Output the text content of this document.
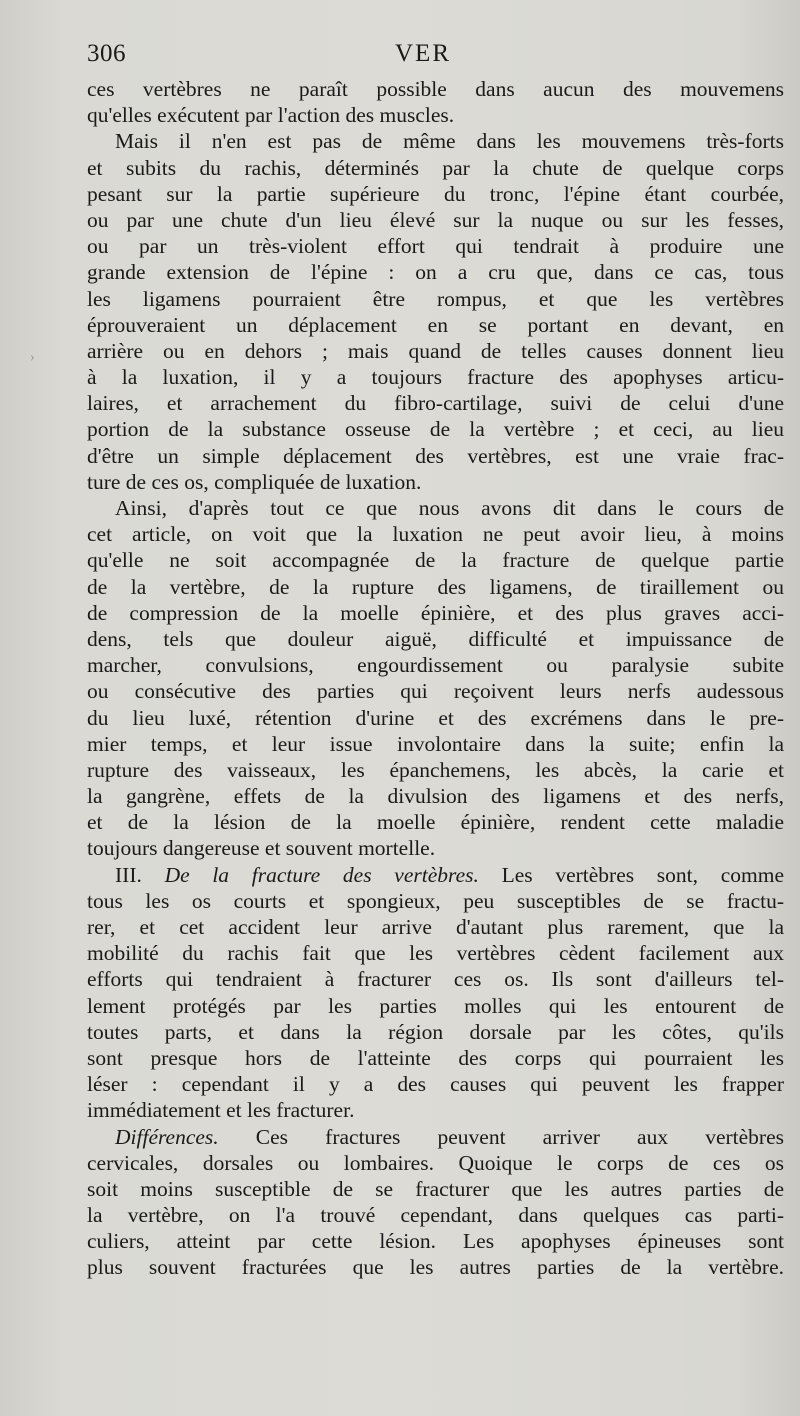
306	VER
›
ces vertèbres ne paraît possible dans aucun des mouvemens
qu'elles exécutent par l'action des muscles.
Mais il n'en est pas de même dans les mouvemens très-forts
et subits du rachis, déterminés par la chute de quelque corps
pesant sur la partie supérieure du tronc, l'épine étant courbée,
ou par une chute d'un lieu élevé sur la nuque ou sur les fesses,
ou par un très-violent effort qui tendrait à produire une
grande extension de l'épine : on a cru que, dans ce cas, tous
les ligamens pourraient être rompus, et que les vertèbres
éprouveraient un déplacement en se portant en devant, en
arrière ou en dehors ; mais quand de telles causes donnent lieu
à la luxation, il y a toujours fracture des apophyses articu-
laires, et arrachement du fibro-cartilage, suivi de celui d'une
portion de la substance osseuse de la vertèbre ; et ceci, au lieu
d'être un simple déplacement des vertèbres, est une vraie frac-
ture de ces os, compliquée de luxation.
Ainsi, d'après tout ce que nous avons dit dans le cours de
cet article, on voit que la luxation ne peut avoir lieu, à moins
qu'elle ne soit accompagnée de la fracture de quelque partie
de la vertèbre, de la rupture des ligamens, de tiraillement ou
de compression de la moelle épinière, et des plus graves acci-
dens, tels que douleur aiguë, difficulté et impuissance de
marcher, convulsions, engourdissement ou paralysie subite
ou consécutive des parties qui reçoivent leurs nerfs audessous
du lieu luxé, rétention d'urine et des excrémens dans le pre-
mier temps, et leur issue involontaire dans la suite; enfin la
rupture des vaisseaux, les épanchemens, les abcès, la carie et
la gangrène, effets de la divulsion des ligamens et des nerfs,
et de la lésion de la moelle épinière, rendent cette maladie
toujours dangereuse et souvent mortelle.
III. De la fracture des vertèbres. Les vertèbres sont, comme
tous les os courts et spongieux, peu susceptibles de se fractu-
rer, et cet accident leur arrive d'autant plus rarement, que la
mobilité du rachis fait que les vertèbres cèdent facilement aux
efforts qui tendraient à fracturer ces os. Ils sont d'ailleurs tel-
lement protégés par les parties molles qui les entourent de
toutes parts, et dans la région dorsale par les côtes, qu'ils
sont presque hors de l'atteinte des corps qui pourraient les
léser : cependant il y a des causes qui peuvent les frapper
immédiatement et les fracturer.
Différences. Ces fractures peuvent arriver aux vertèbres
cervicales, dorsales ou lombaires. Quoique le corps de ces os
soit moins susceptible de se fracturer que les autres parties de
la vertèbre, on l'a trouvé cependant, dans quelques cas parti-
culiers, atteint par cette lésion. Les apophyses épineuses sont
plus souvent fracturées que les autres parties de la vertèbre.
